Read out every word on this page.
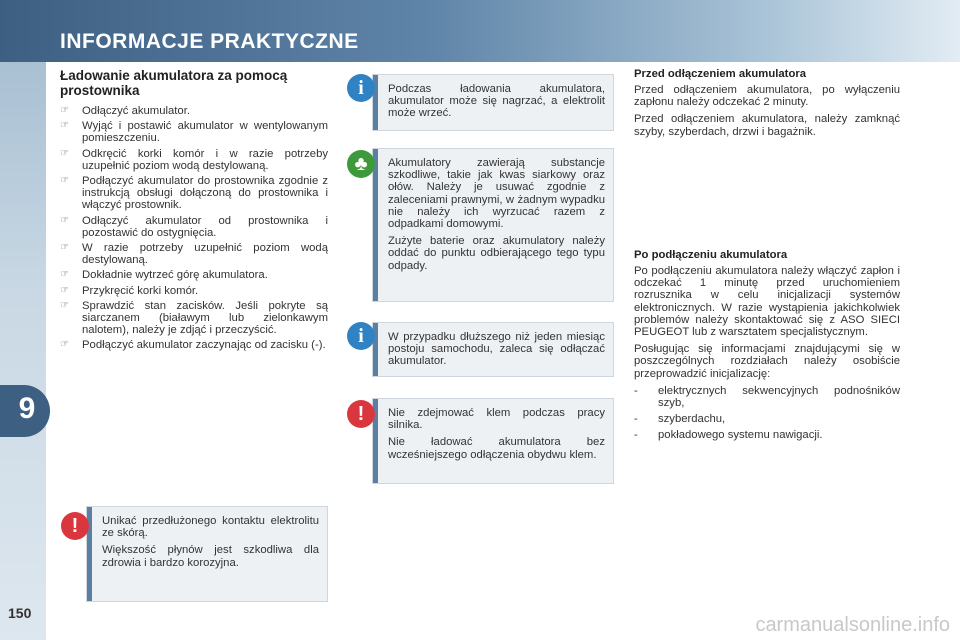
INFORMACJE PRAKTYCZNE
9
150
Ładowanie akumulatora za pomocą prostownika
☞ Odłączyć akumulator.
☞ Wyjąć i postawić akumulator w wentylowanym pomieszczeniu.
☞ Odkręcić korki komór i w razie potrzeby uzupełnić poziom wodą destylowaną.
☞ Podłączyć akumulator do prostownika zgodnie z instrukcją obsługi dołączoną do prostownika i włączyć prostownik.
☞ Odłączyć akumulator od prostownika i pozostawić do ostygnięcia.
☞ W razie potrzeby uzupełnić poziom wodą destylowaną.
☞ Dokładnie wytrzeć górę akumulatora.
☞ Przykręcić korki komór.
☞ Sprawdzić stan zacisków. Jeśli pokryte są siarczanem (białawym lub zielonkawym nalotem), należy je zdjąć i przeczyścić.
☞ Podłączyć akumulator zaczynając od zacisku (-).

Unikać przedłużonego kontaktu elektrolitu ze skórą.

Większość płynów jest szkodliwa dla zdrowia i bardzo korozyjna.

!

Podczas ładowania akumulatora, akumulator może się nagrzać, a elektrolit może wrzeć.

i

Akumulatory zawierają substancje szkodliwe, takie jak kwas siarkowy oraz ołów. Należy je usuwać zgodnie z zaleceniami prawnymi, w żadnym wypadku nie należy ich wyrzucać razem z odpadkami domowymi.

Zużyte baterie oraz akumulatory należy oddać do punktu odbierającego tego typu odpady.

♣

W przypadku dłuższego niż jeden miesiąc postoju samochodu, zaleca się odłączać akumulator.

i

Nie zdejmować klem podczas pracy silnika.

Nie ładować akumulatora bez wcześniejszego odłączenia obydwu klem.

!
Przed odłączeniem akumulatora

Przed odłączeniem akumulatora, po wyłączeniu zapłonu należy odczekać 2 minuty.

Przed odłączeniem akumulatora, należy zamknąć szyby, szyberdach, drzwi i bagażnik.

Po podłączeniu akumulatora

Po podłączeniu akumulatora należy włączyć zapłon i odczekać 1 minutę przed uruchomieniem rozrusznika w celu inicjalizacji systemów elektronicznych. W razie wystąpienia jakichkolwiek problemów należy skontaktować się z ASO SIECI PEUGEOT lub z warsztatem specjalistycznym.

Posługując się informacjami znajdującymi się w poszczególnych rozdziałach należy osobiście przeprowadzić inicjalizację:

- elektrycznych sekwencyjnych podnośników szyb,
- szyberdachu,
- pokładowego systemu nawigacji.
carmanualsonline.info
